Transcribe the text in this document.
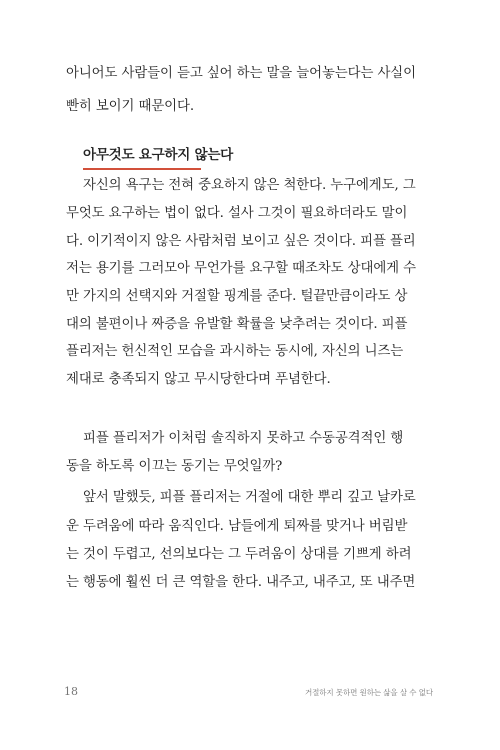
아니어도 사람들이 듣고 싶어 하는 말을 늘어놓는다는 사실이
빤히 보이기 때문이다.
아무것도 요구하지 않는다
자신의 욕구는 전혀 중요하지 않은 척한다. 누구에게도, 그
무엇도 요구하는 법이 없다. 설사 그것이 필요하더라도 말이
다. 이기적이지 않은 사람처럼 보이고 싶은 것이다. 피플 플리
저는 용기를 그러모아 무언가를 요구할 때조차도 상대에게 수
만 가지의 선택지와 거절할 핑계를 준다. 털끝만큼이라도 상
대의 불편이나 짜증을 유발할 확률을 낮추려는 것이다. 피플
플리저는 헌신적인 모습을 과시하는 동시에, 자신의 니즈는
제대로 충족되지 않고 무시당한다며 푸념한다.
피플 플리저가 이처럼 솔직하지 못하고 수동공격적인 행
동을 하도록 이끄는 동기는 무엇일까?
앞서 말했듯, 피플 플리저는 거절에 대한 뿌리 깊고 날카로
운 두려움에 따라 움직인다. 남들에게 퇴짜를 맞거나 버림받
는 것이 두렵고, 선의보다는 그 두려움이 상대를 기쁘게 하려
는 행동에 훨씬 더 큰 역할을 한다. 내주고, 내주고, 또 내주면
18	거절하지 못하면 원하는 삶을 살 수 없다
